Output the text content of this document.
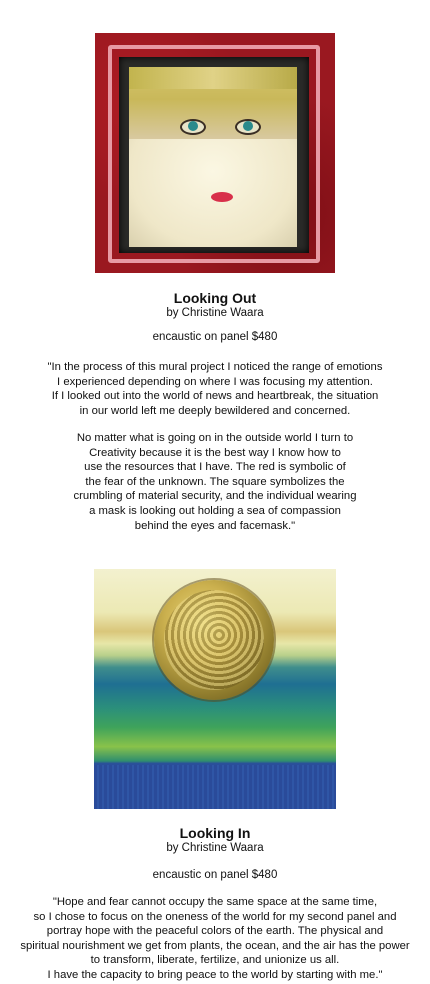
Looking Out
by Christine Waara
encaustic on panel $480
"In the process of this mural project I noticed the range of emotions
I experienced depending on where I was focusing my attention.
If I looked out into the world of news and heartbreak, the situation
in our world left me deeply bewildered and concerned.
No matter what is going on in the outside world I turn to
Creativity because it is the best way I know how to
use the resources that I have. The red is symbolic of
the fear of the unknown. The square symbolizes the
crumbling of material security, and the individual wearing
a mask is looking out holding a sea of compassion
behind the eyes and facemask."
Looking In
by Christine Waara
encaustic on panel $480
"Hope and fear cannot occupy the same space at the same time,
so I chose to focus on the oneness of the world for my second panel and
portray hope with the peaceful colors of the earth. The physical and
spiritual nourishment we get from plants, the ocean, and the air has the power
to transform, liberate, fertilize, and unionize us all.
I have the capacity to bring peace to the world by starting with me."
